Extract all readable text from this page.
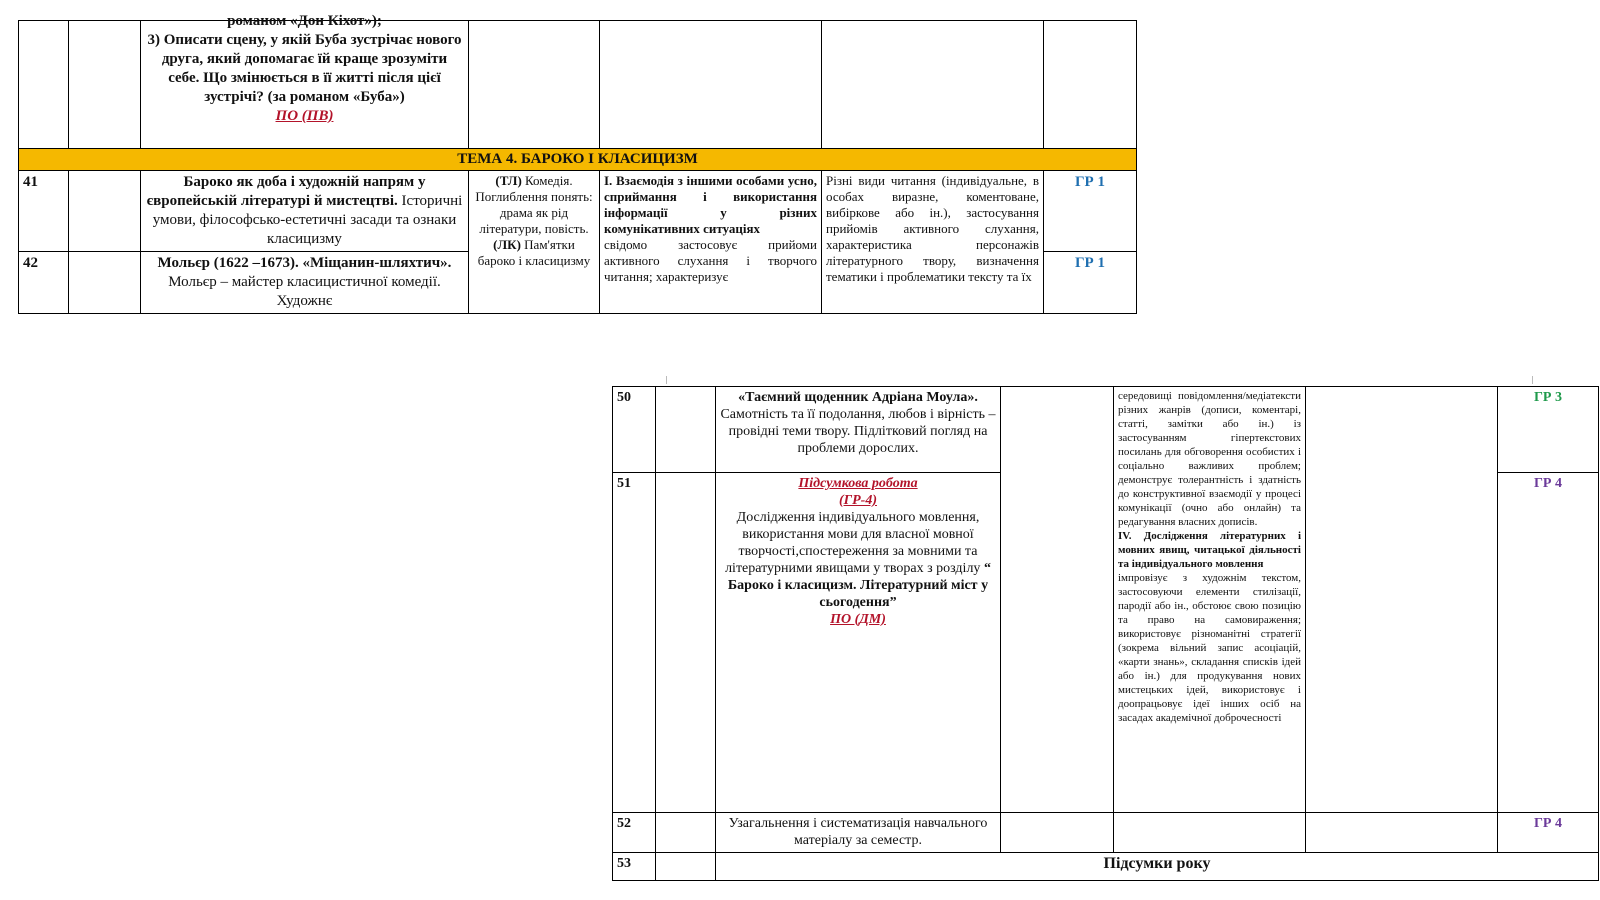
		романом «Дон Кіхот»);
3) Описати сцену, у якій Буба зустрічає нового друга, який допомагає їй краще зрозуміти себе. Що змінюється в її житті після цієї зустрічі? (за романом «Буба»)
ПО (ПВ)				

ТЕМА 4. БАРОКО І КЛАСИЦИЗМ						
41		Бароко як доба і художній напрям у європейській літературі й мистецтві. Історичні умови, філософсько-естетичні засади та ознаки класицизму	(ТЛ) Комедія. Поглиблення понять: драма як рід літератури, повість. (ЛК) Пам'ятки бароко і класицизму	І. Взаємодія з іншими особами усно, сприймання і використання інформації у різних комунікативних ситуаціях
свідомо застосовує прийоми активного слухання і творчого читання; характеризує	Різні види читання (індивідуальне, в особах виразне, коментоване, вибіркове або ін.), застосування прийомів активного слухання, характеристика персонажів літературного твору, визначення тематики і проблематики тексту та їх	ГР 1
42		Мольєр (1622 –1673). «Міщанин-шляхтич». Мольєр – майстер класицистичної комедії. Художнє				ГР 1
50		«Таємний щоденник Адріана Моула». Самотність та її подолання, любов і вірність – провідні теми твору. Підлітковий погляд на проблеми дорослих.		середовищі повідомлення/медіатексти різних жанрів (дописи, коментарі, статті, замітки або ін.) із застосуванням гіпертекстових посилань для обговорення особистих і соціально важливих проблем; демонструє толерантність і здатність до конструктивної взаємодії у процесі комунікації (очно або онлайн) та редагування власних дописів.
IV. Дослідження літературних і мовних явищ, читацької діяльності та індивідуального мовлення
імпровізує з художнім текстом, застосовуючи елементи стилізації, пародії або ін., обстоює свою позицію та право на самовираження; використовує різноманітні стратегії (зокрема вільний запис асоціацій, «карти знань», складання списків ідей або ін.) для продукування нових мистецьких ідей, використовує і доопрацьовує ідеї інших осіб на засадах академічної доброчесності		ГР 3
51		Підсумкова робота
(ГР-4)
Дослідження індивідуального мовлення, використання мови для власної мовної творчості,спостереження за мовними та літературними явищами у творах з розділу “ Бароко і класицизм. Літературний міст у сьогодення”
ПО (ДМ)				ГР 4
52		Узагальнення і систематизація навчального матеріалу за семестр.				ГР 4
53		Підсумки року				
